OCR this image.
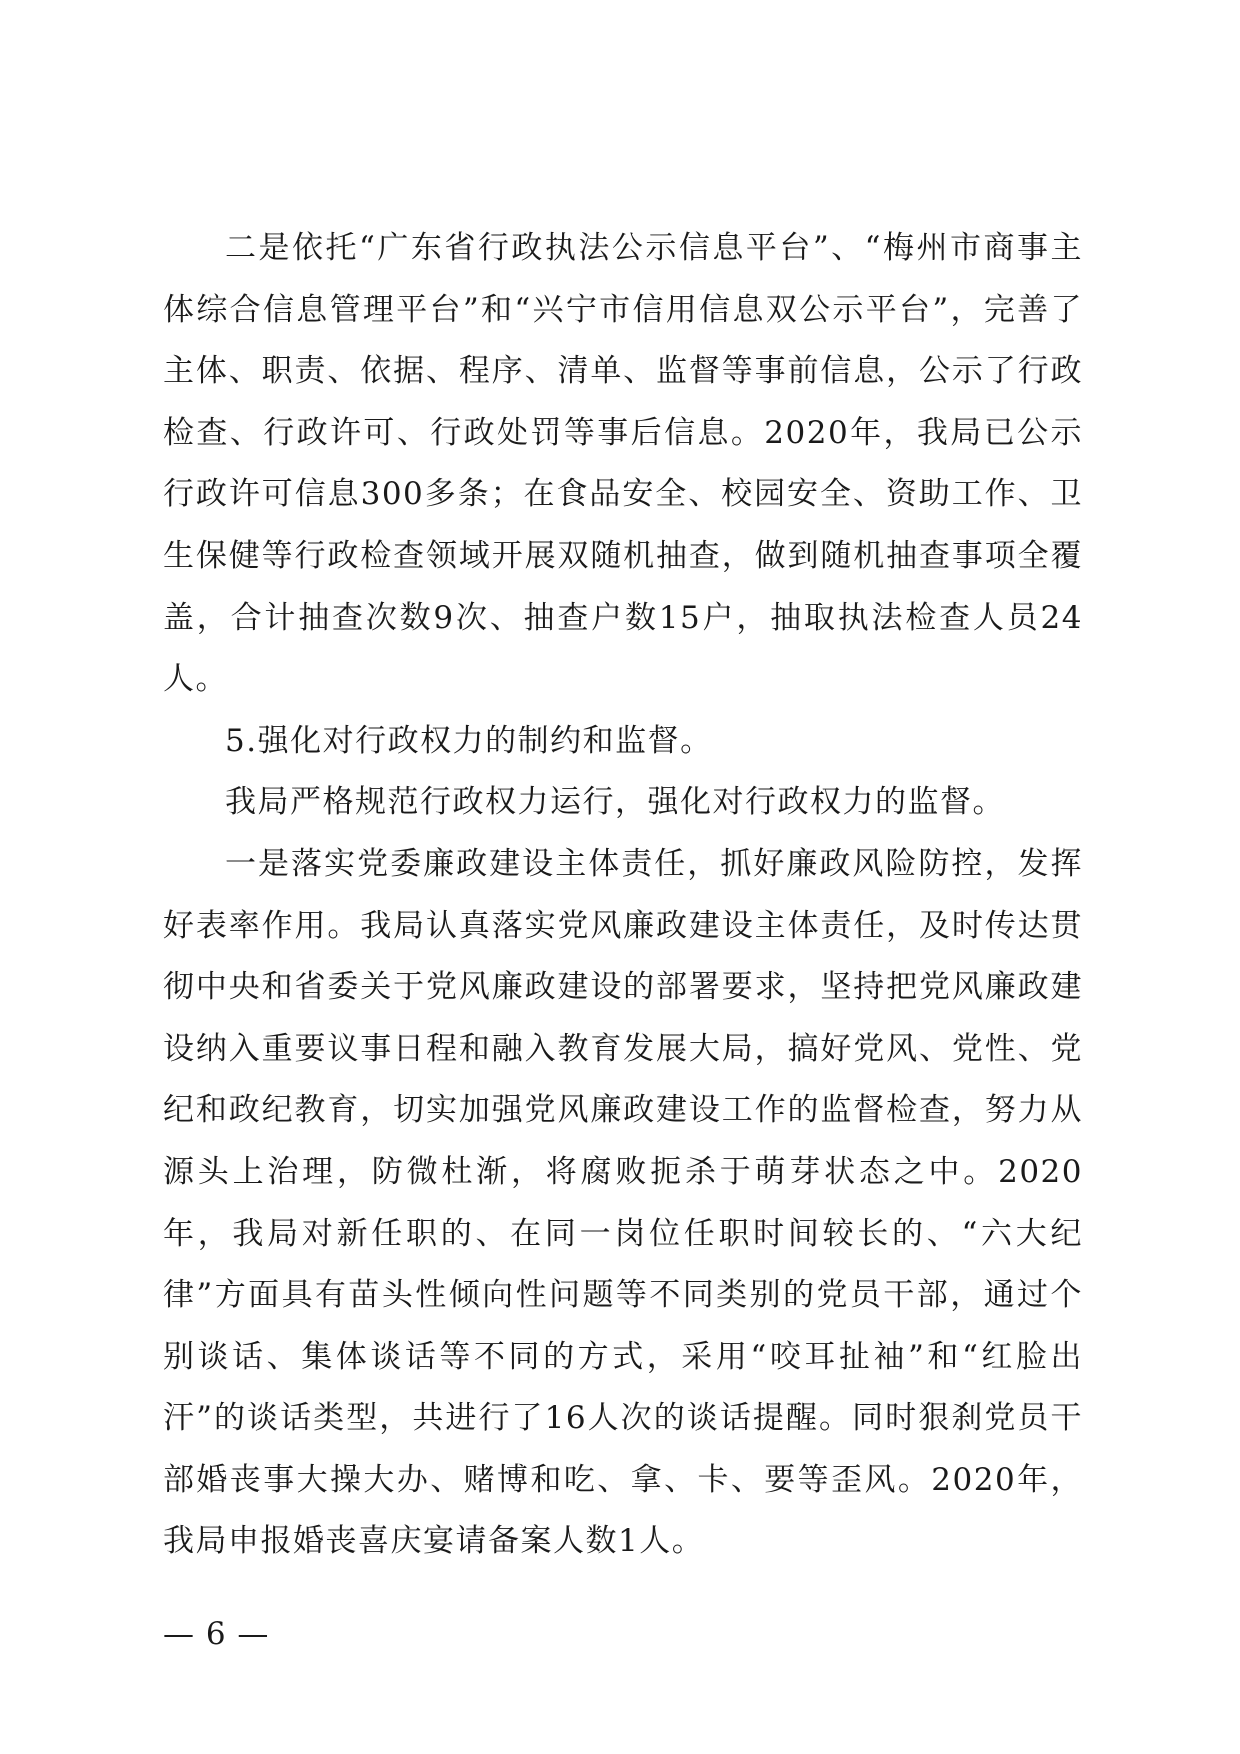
二是依托“广东省行政执法公示信息平台”、“梅州市商事主体综合信息管理平台”和“兴宁市信用信息双公示平台”，完善了主体、职责、依据、程序、清单、监督等事前信息，公示了行政检查、行政许可、行政处罚等事后信息。2020年，我局已公示行政许可信息300多条；在食品安全、校园安全、资助工作、卫生保健等行政检查领域开展双随机抽查，做到随机抽查事项全覆盖，合计抽查次数9次、抽查户数15户，抽取执法检查人员24人。

5.强化对行政权力的制约和监督。

我局严格规范行政权力运行，强化对行政权力的监督。

一是落实党委廉政建设主体责任，抓好廉政风险防控，发挥好表率作用。我局认真落实党风廉政建设主体责任，及时传达贯彻中央和省委关于党风廉政建设的部署要求，坚持把党风廉政建设纳入重要议事日程和融入教育发展大局，搞好党风、党性、党纪和政纪教育，切实加强党风廉政建设工作的监督检查，努力从源头上治理，防微杜渐，将腐败扼杀于萌芽状态之中。2020年，我局对新任职的、在同一岗位任职时间较长的、“六大纪律”方面具有苗头性倾向性问题等不同类别的党员干部，通过个别谈话、集体谈话等不同的方式，采用“咬耳扯袖”和“红脸出汗”的谈话类型，共进行了16人次的谈话提醒。同时狠刹党员干部婚丧事大操大办、赌博和吃、拿、卡、要等歪风。2020年，我局申报婚丧喜庆宴请备案人数1人。

— 6 —
